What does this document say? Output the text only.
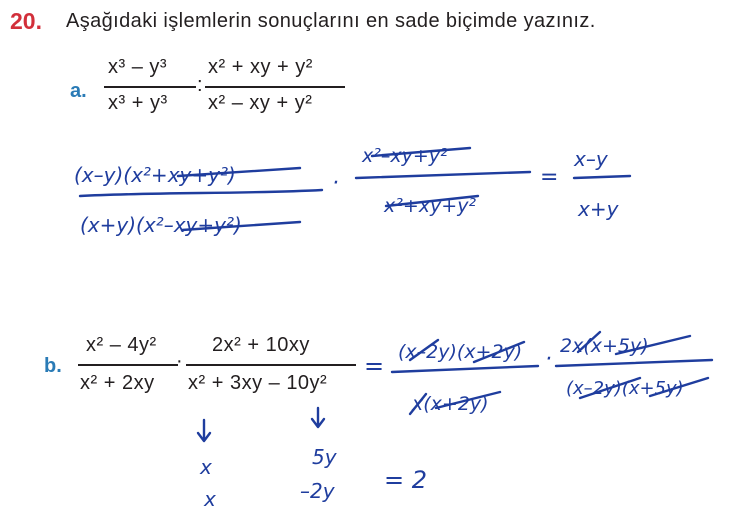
20. Aşağıdaki işlemlerin sonuçlarını en sade biçimde yazınız.
a.
x³ – y³
x³ + y³
:
x² + xy + y²
x² – xy + y²
b.
x² – 4y²
x² + 2xy
·
2x² + 10xy
x² + 3xy – 10y²
(x–y)(x²+xy+y²)
(x+y)(x²–xy+y²)
·
x²–xy+y²
x²+xy+y²
=
x–y
x+y
= (x–2y)(x+2y)
x(x+2y)
·
2x(x+5y)
(x–2y)(x+5y)
x
x
5y
–2y = 2
